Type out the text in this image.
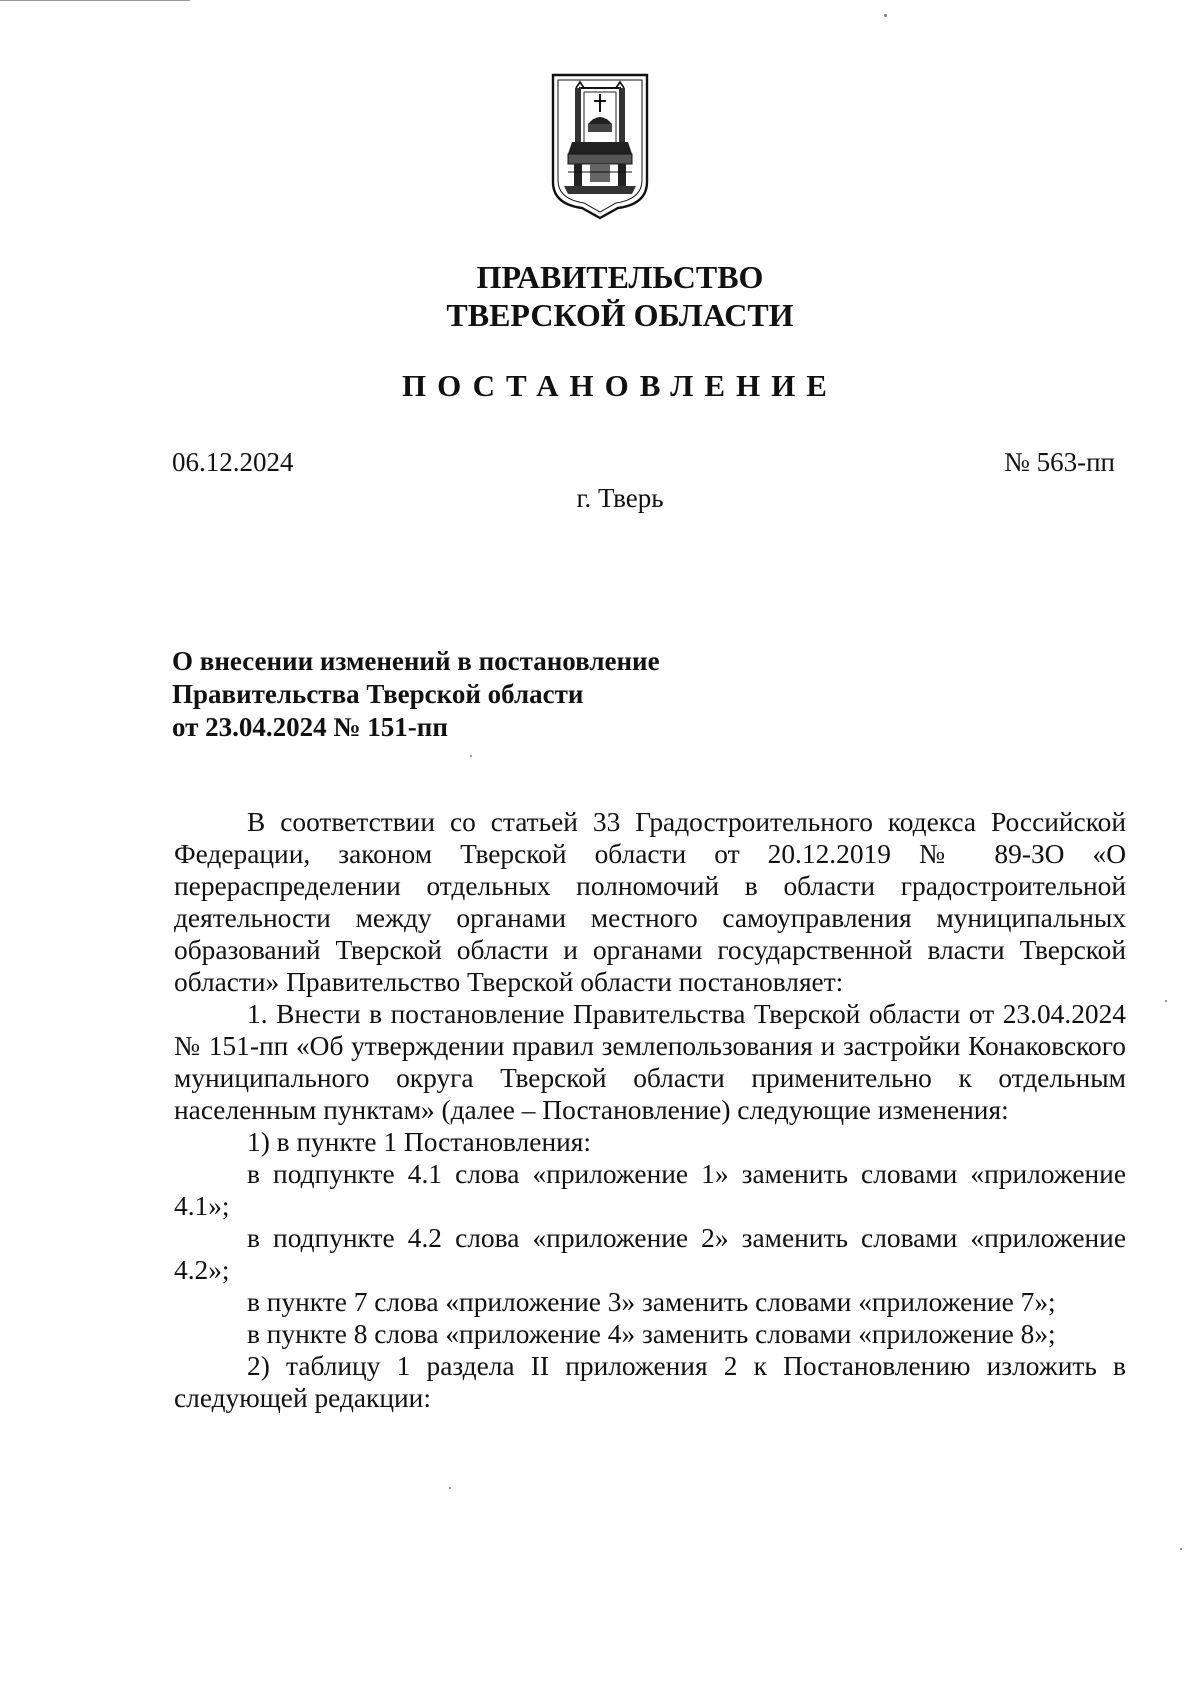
ПРАВИТЕЛЬСТВО
ТВЕРСКОЙ ОБЛАСТИ
ПОСТАНОВЛЕНИЕ
06.12.2024	№ 563-пп
г. Тверь
О внесении изменений в постановление
Правительства Тверской области
от 23.04.2024 № 151-пп

В соответствии со статьей 33 Градостроительного кодекса Российской Федерации, законом Тверской области от 20.12.2019 № 89-ЗО «О перераспределении отдельных полномочий в области градостроительной деятельности между органами местного самоуправления муниципальных образований Тверской области и органами государственной власти Тверской области» Правительство Тверской области постановляет:

1. Внести в постановление Правительства Тверской области от 23.04.2024 № 151-пп «Об утверждении правил землепользования и застройки Конаковского муниципального округа Тверской области применительно к отдельным населенным пунктам» (далее – Постановление) следующие изменения:

1) в пункте 1 Постановления:

в подпункте 4.1 слова «приложение 1» заменить словами «приложение 4.1»;

в подпункте 4.2 слова «приложение 2» заменить словами «приложение 4.2»;

в пункте 7 слова «приложение 3» заменить словами «приложение 7»;

в пункте 8 слова «приложение 4» заменить словами «приложение 8»;

2) таблицу 1 раздела II приложения 2 к Постановлению изложить в следующей редакции:
